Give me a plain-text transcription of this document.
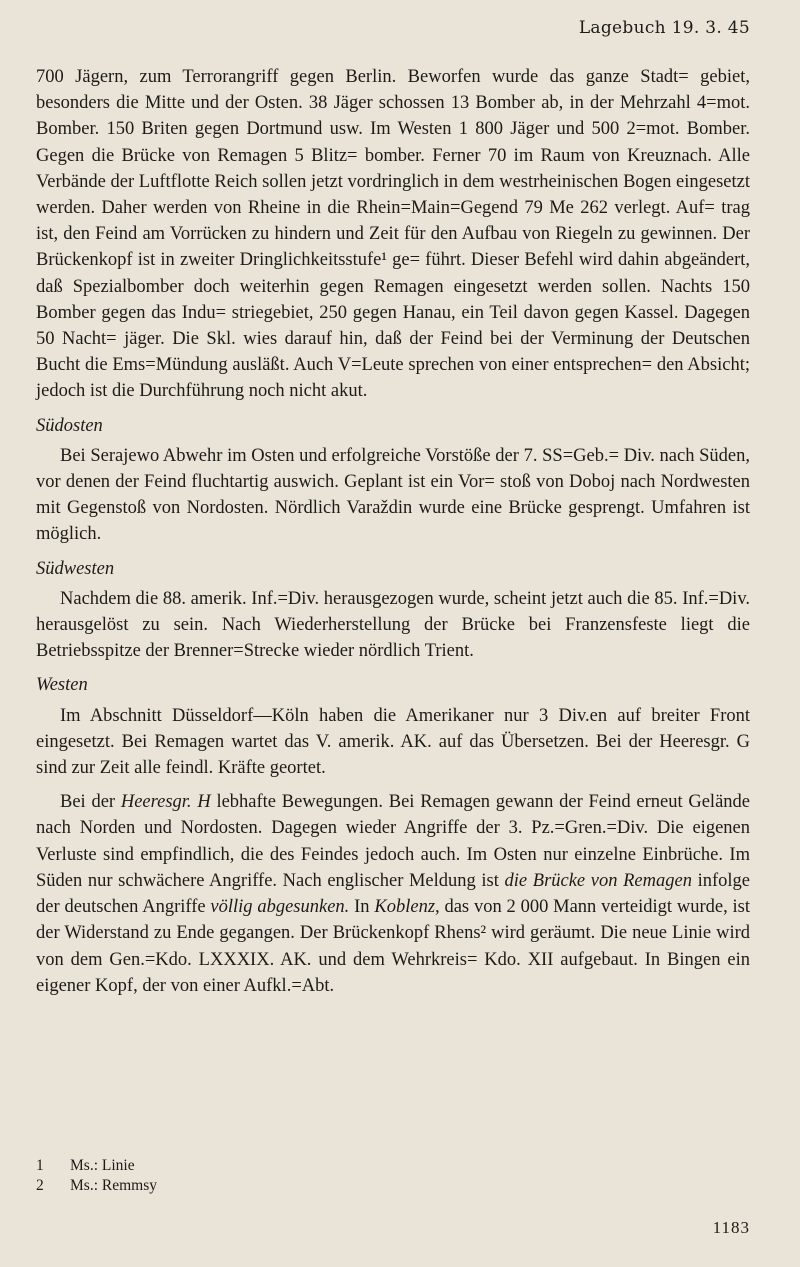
Lagebuch 19. 3. 45

700 Jägern, zum Terrorangriff gegen Berlin. Beworfen wurde das ganze Stadt= gebiet, besonders die Mitte und der Osten. 38 Jäger schossen 13 Bomber ab, in der Mehrzahl 4=mot. Bomber. 150 Briten gegen Dortmund usw. Im Westen 1 800 Jäger und 500 2=mot. Bomber. Gegen die Brücke von Remagen 5 Blitz= bomber. Ferner 70 im Raum von Kreuznach. Alle Verbände der Luftflotte Reich sollen jetzt vordringlich in dem westrheinischen Bogen eingesetzt werden. Daher werden von Rheine in die Rhein=Main=Gegend 79 Me 262 verlegt. Auf= trag ist, den Feind am Vorrücken zu hindern und Zeit für den Aufbau von Riegeln zu gewinnen. Der Brückenkopf ist in zweiter Dringlichkeitsstufe¹ ge= führt. Dieser Befehl wird dahin abgeändert, daß Spezialbomber doch weiterhin gegen Remagen eingesetzt werden sollen. Nachts 150 Bomber gegen das Indu= striegebiet, 250 gegen Hanau, ein Teil davon gegen Kassel. Dagegen 50 Nacht= jäger. Die Skl. wies darauf hin, daß der Feind bei der Verminung der Deutschen Bucht die Ems=Mündung ausläßt. Auch V=Leute sprechen von einer entsprechen= den Absicht; jedoch ist die Durchführung noch nicht akut.

Südosten

Bei Serajewo Abwehr im Osten und erfolgreiche Vorstöße der 7. SS=Geb.= Div. nach Süden, vor denen der Feind fluchtartig auswich. Geplant ist ein Vor= stoß von Doboj nach Nordwesten mit Gegenstoß von Nordosten. Nördlich Varaždin wurde eine Brücke gesprengt. Umfahren ist möglich.

Südwesten

Nachdem die 88. amerik. Inf.=Div. herausgezogen wurde, scheint jetzt auch die 85. Inf.=Div. herausgelöst zu sein. Nach Wiederherstellung der Brücke bei Franzensfeste liegt die Betriebsspitze der Brenner=Strecke wieder nördlich Trient.

Westen

Im Abschnitt Düsseldorf—Köln haben die Amerikaner nur 3 Div.en auf breiter Front eingesetzt. Bei Remagen wartet das V. amerik. AK. auf das Übersetzen. Bei der Heeresgr. G sind zur Zeit alle feindl. Kräfte geortet.

Bei der Heeresgr. H lebhafte Bewegungen. Bei Remagen gewann der Feind erneut Gelände nach Norden und Nordosten. Dagegen wieder Angriffe der 3. Pz.=Gren.=Div. Die eigenen Verluste sind empfindlich, die des Feindes jedoch auch. Im Osten nur einzelne Einbrüche. Im Süden nur schwächere Angriffe. Nach englischer Meldung ist die Brücke von Remagen infolge der deutschen Angriffe völlig abgesunken. In Koblenz, das von 2 000 Mann verteidigt wurde, ist der Widerstand zu Ende gegangen. Der Brückenkopf Rhens² wird geräumt. Die neue Linie wird von dem Gen.=Kdo. LXXXIX. AK. und dem Wehrkreis= Kdo. XII aufgebaut. In Bingen ein eigener Kopf, der von einer Aufkl.=Abt.

1	Ms.: Linie
2	Ms.: Remmsy
1183
